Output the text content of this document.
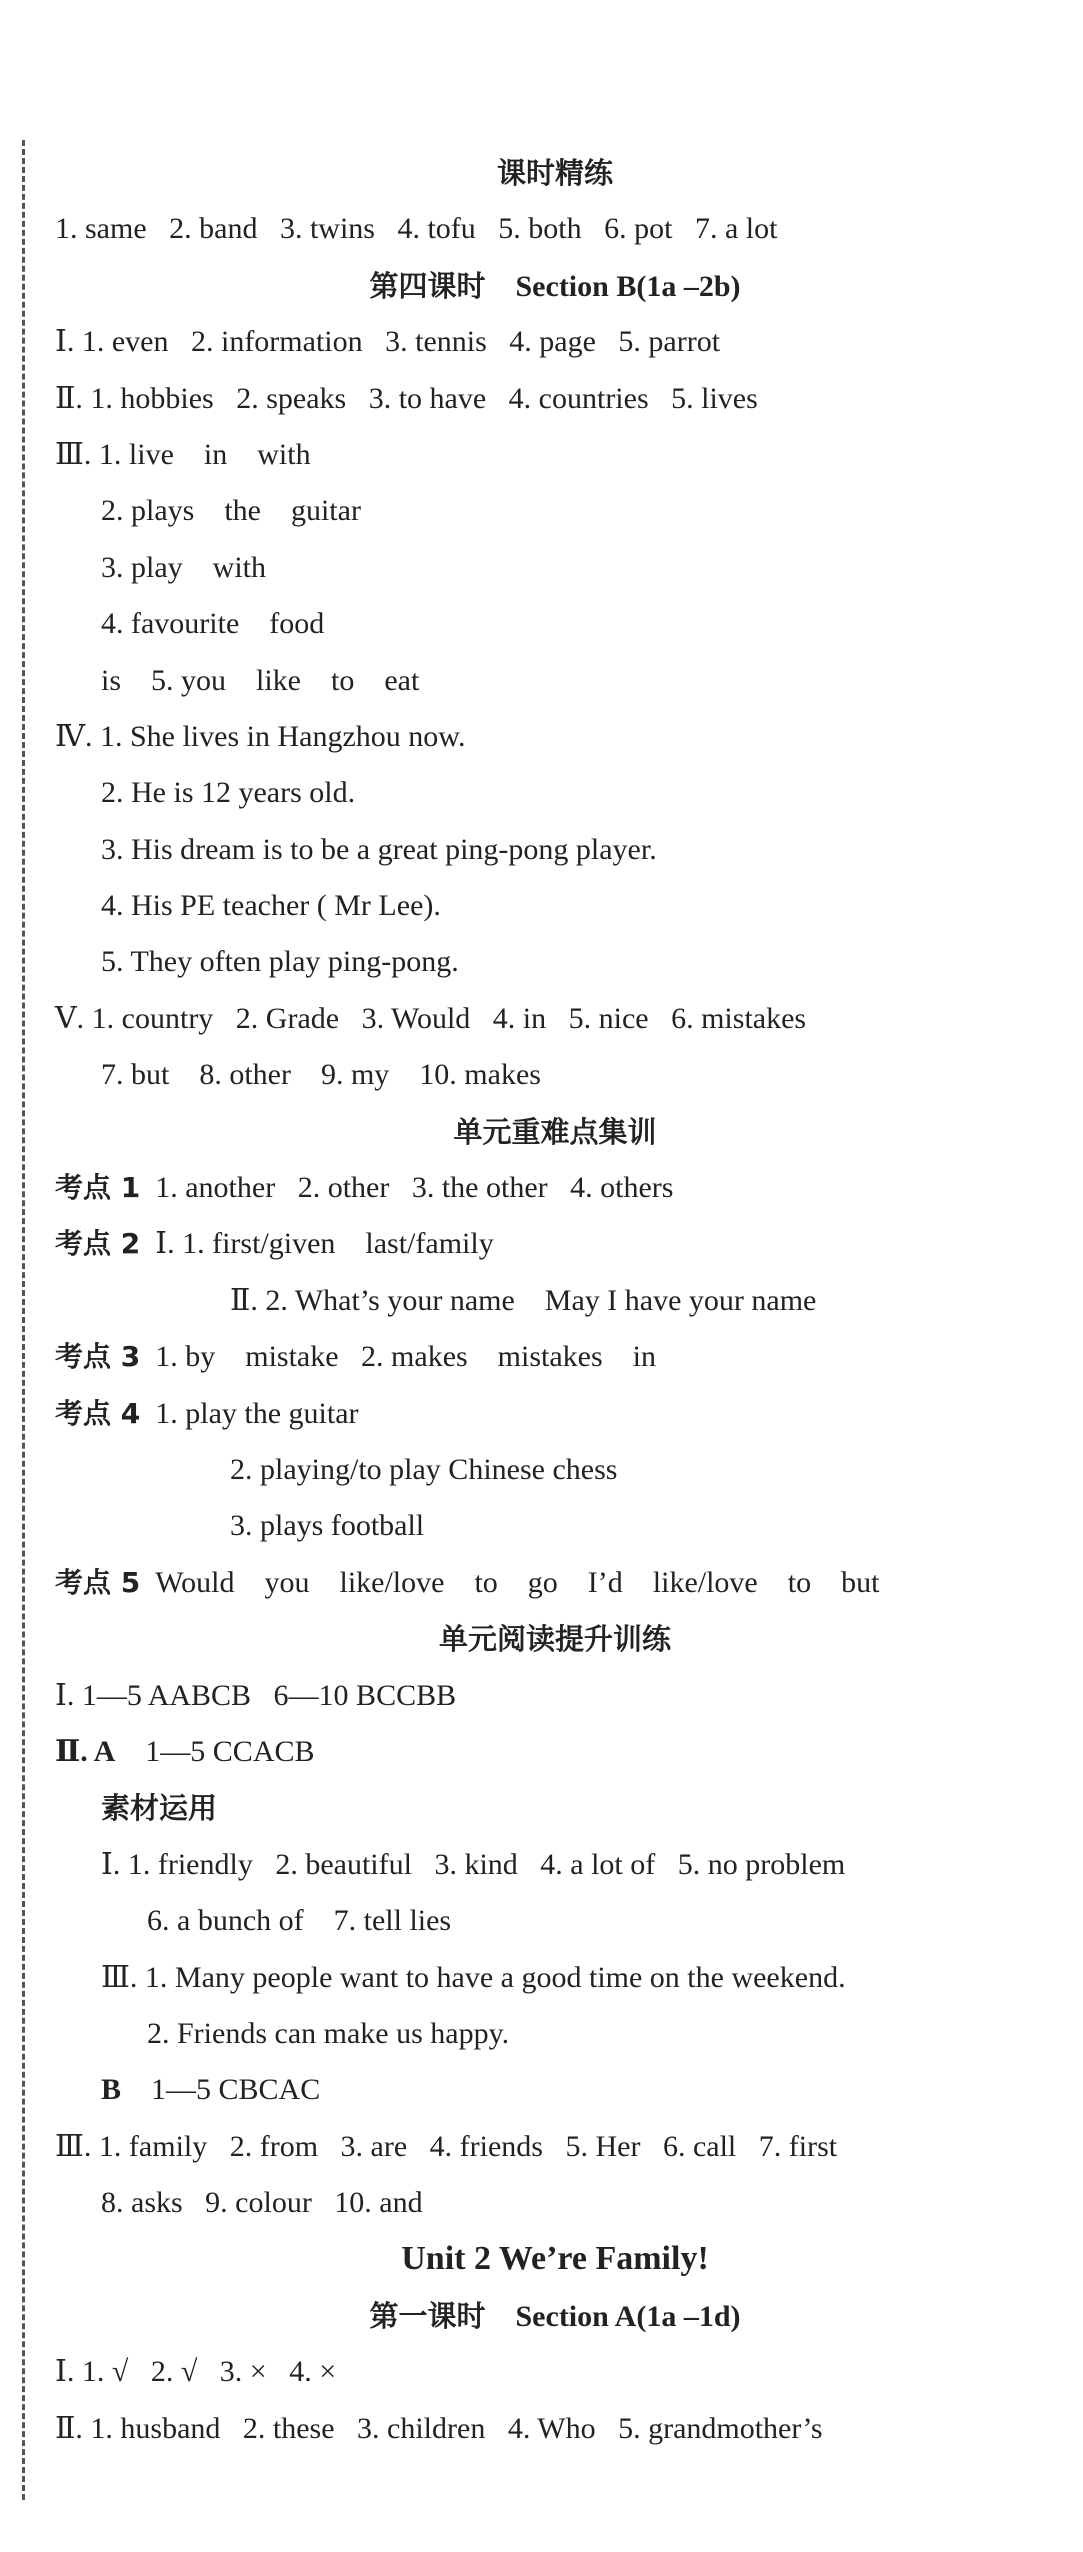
课时精练
1. same   2. band   3. twins   4. tofu   5. both   6. pot   7. a lot
第四课时 Section B(1a –2b)
Ⅰ. 1. even   2. information   3. tennis   4. page   5. parrot
Ⅱ. 1. hobbies   2. speaks   3. to have   4. countries   5. lives
Ⅲ. 1. live    in    with
2. plays    the    guitar
3. play    with
4. favourite    food
is    5. you    like    to    eat
Ⅳ. 1. She lives in Hangzhou now.
2. He is 12 years old.
3. His dream is to be a great ping-pong player.
4. His PE teacher ( Mr Lee).
5. They often play ping-pong.
Ⅴ. 1. country   2. Grade   3. Would   4. in   5. nice   6. mistakes
7. but    8. other    9. my    10. makes
单元重难点集训
考点 1  1. another   2. other   3. the other   4. others
考点 2  Ⅰ. 1. first/given    last/family
Ⅱ. 2. What’s your name    May I have your name
考点 3  1. by    mistake   2. makes    mistakes    in
考点 4  1. play the guitar
2. playing/to play Chinese chess
3. plays football
考点 5  Would    you    like/love    to    go    I’d    like/love    to    but
单元阅读提升训练
Ⅰ. 1—5 AABCB   6—10 BCCBB
Ⅱ. A    1—5 CCACB
素材运用
Ⅰ. 1. friendly   2. beautiful   3. kind   4. a lot of   5. no problem
6. a bunch of    7. tell lies
Ⅲ. 1. Many people want to have a good time on the weekend.
2. Friends can make us happy.
B    1—5 CBCAC
Ⅲ. 1. family   2. from   3. are   4. friends   5. Her   6. call   7. first
8. asks   9. colour   10. and
Unit 2 We’re Family!
第一课时 Section A(1a –1d)
Ⅰ. 1. √   2. √   3. ×   4. ×
Ⅱ. 1. husband   2. these   3. children   4. Who   5. grandmother’s
